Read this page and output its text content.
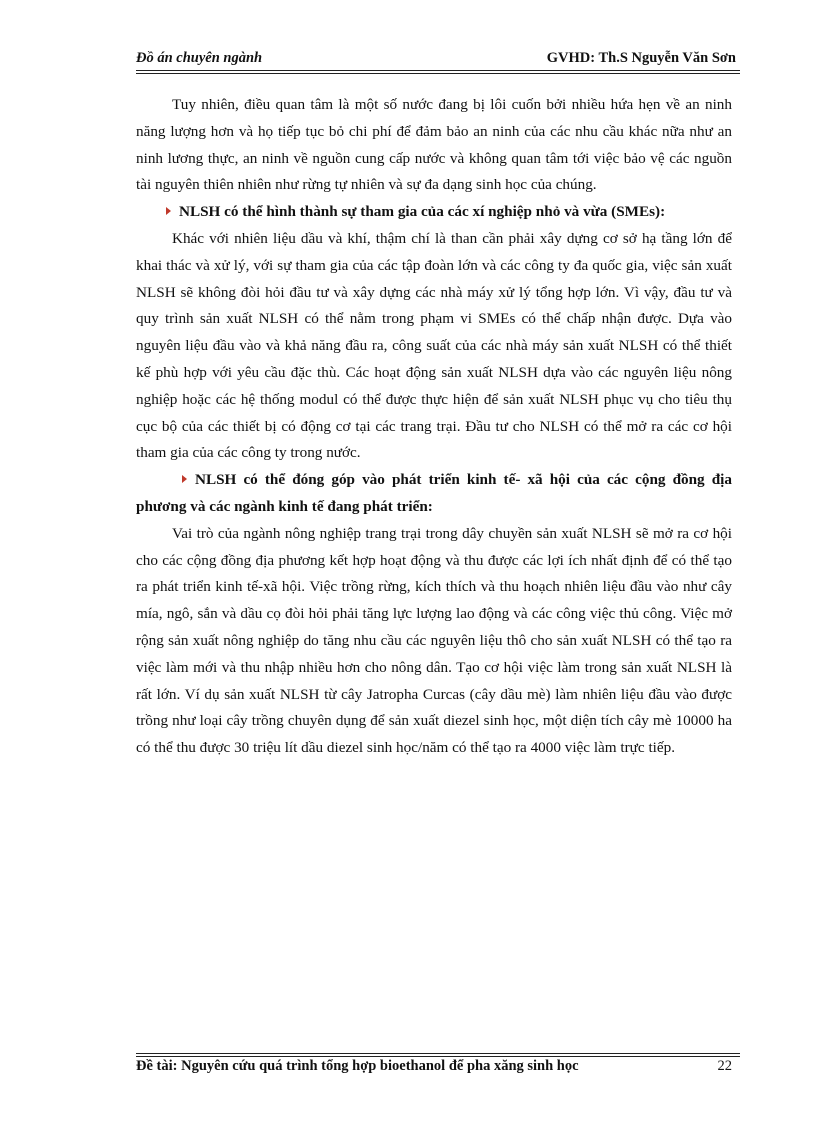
Đồ án chuyên ngành	GVHD: Th.S Nguyễn Văn Sơn

Tuy nhiên, điều quan tâm là một số nước đang bị lôi cuốn bởi nhiều hứa hẹn về an ninh năng lượng hơn và họ tiếp tục bỏ chi phí để đảm bảo an ninh của các nhu cầu khác nữa như an ninh lương thực, an ninh về nguồn cung cấp nước và không quan tâm tới việc bảo vệ các nguồn tài nguyên thiên nhiên như rừng tự nhiên và sự đa dạng sinh học của chúng.

NLSH có thể hình thành sự tham gia của các xí nghiệp nhỏ và vừa (SMEs):

Khác với nhiên liệu dầu và khí, thậm chí là than cần phải xây dựng cơ sở hạ tầng lớn để khai thác và xử lý, với sự tham gia của các tập đoàn lớn và các công ty đa quốc gia, việc sản xuất NLSH sẽ không đòi hỏi đầu tư và xây dựng các nhà máy xử lý tổng hợp lớn. Vì vậy, đầu tư và quy trình sản xuất NLSH có thể nằm trong phạm vi SMEs có thể chấp nhận được. Dựa vào nguyên liệu đầu vào và khả năng đầu ra, công suất của các nhà máy sản xuất NLSH có thể thiết kế phù hợp với yêu cầu đặc thù. Các hoạt động sản xuất NLSH dựa vào các nguyên liệu nông nghiệp hoặc các hệ thống modul có thể được thực hiện để sản xuất NLSH phục vụ cho tiêu thụ cục bộ của các thiết bị có động cơ tại các trang trại. Đầu tư cho NLSH có thể mở ra các cơ hội tham gia của các công ty trong nước.

NLSH có thể đóng góp vào phát triển kinh tế- xã hội của các cộng đồng địa phương và các ngành kinh tế đang phát triển:

Vai trò của ngành nông nghiệp trang trại trong dây chuyền sản xuất NLSH sẽ mở ra cơ hội cho các cộng đồng địa phương kết hợp hoạt động và thu được các lợi ích nhất định để có thể tạo ra phát triển kinh tế-xã hội. Việc trồng rừng, kích thích và thu hoạch nhiên liệu đầu vào như cây mía, ngô, sắn và dầu cọ đòi hỏi phải tăng lực lượng lao động và các công việc thủ công. Việc mở rộng sản xuất nông nghiệp do tăng nhu cầu các nguyên liệu thô cho sản xuất NLSH có thể tạo ra việc làm mới và thu nhập nhiều hơn cho nông dân. Tạo cơ hội việc làm trong sản xuất NLSH là rất lớn. Ví dụ sản xuất NLSH từ cây Jatropha Curcas (cây dầu mè) làm nhiên liệu đầu vào được trồng như loại cây trồng chuyên dụng để sản xuất diezel sinh học, một diện tích cây mè 10000 ha có thể thu được 30 triệu lít dầu diezel sinh học/năm có thể tạo ra 4000 việc làm trực tiếp.

Đề tài: Nguyên cứu quá trình tổng hợp bioethanol để pha xăng sinh học	22
